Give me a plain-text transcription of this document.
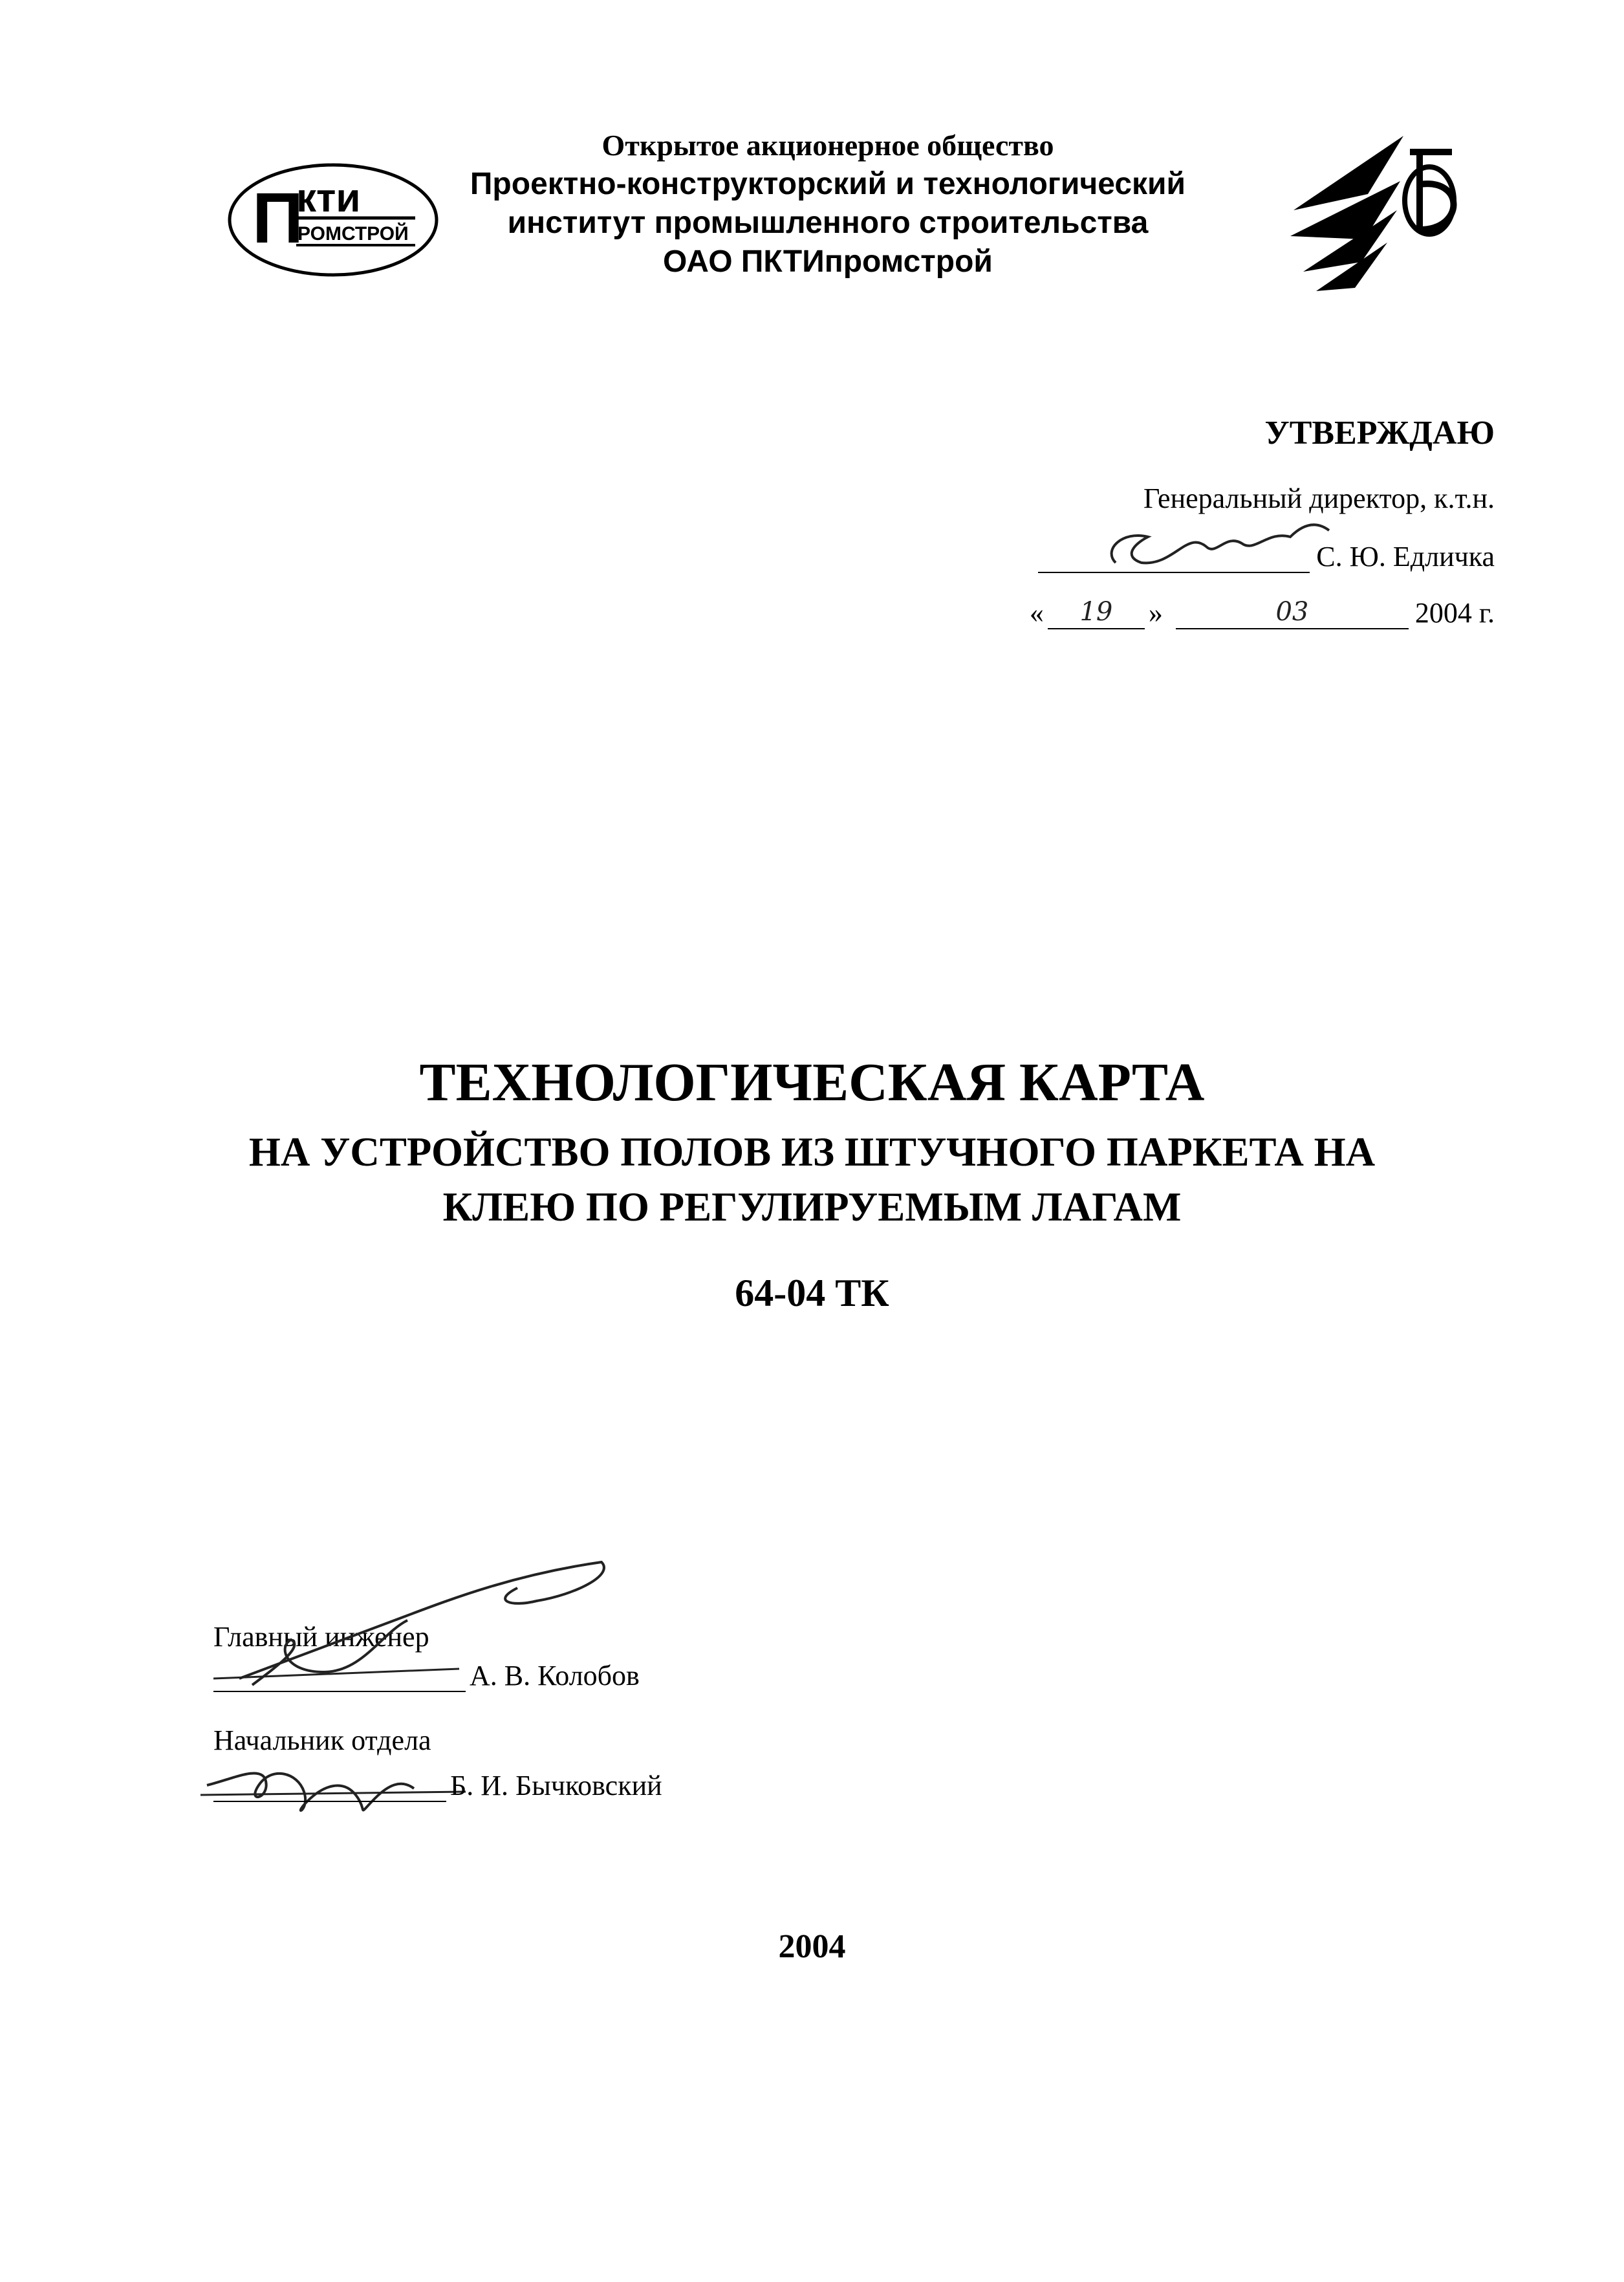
П
кти
РОМСТРОЙ
Открытое акционерное общество
Проектно-конструкторский и технологический
институт промышленного строительства
ОАО ПКТИпромстрой
УТВЕРЖДАЮ
Генеральный директор, к.т.н.
С. Ю. Едличка
«	19	»	03	2004 г.
ТЕХНОЛОГИЧЕСКАЯ КАРТА
НА УСТРОЙСТВО ПОЛОВ ИЗ ШТУЧНОГО ПАРКЕТА НА
КЛЕЮ ПО РЕГУЛИРУЕМЫМ ЛАГАМ
64-04 ТК
Главный инженер
А. В. Колобов
Начальник отдела
Б. И. Бычковский
2004
